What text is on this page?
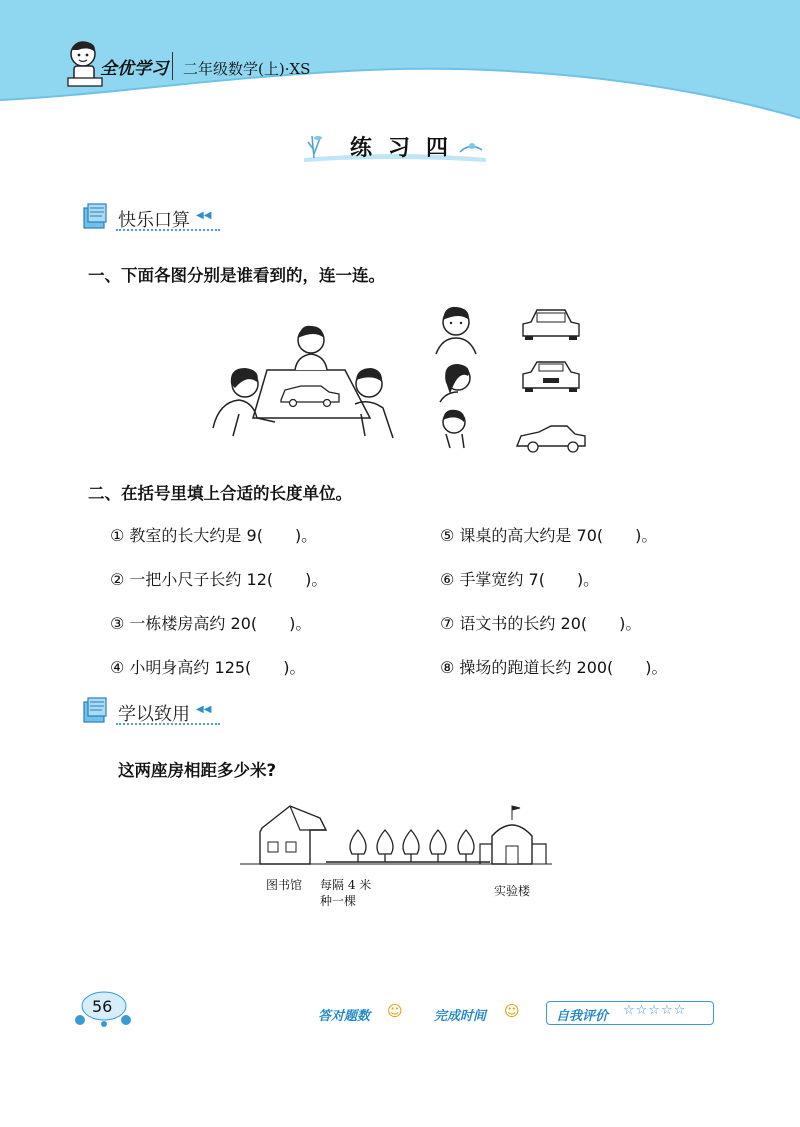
全优学习 二年级数学(上)·XS
练习四
快乐口算 ◀◀
一、下面各图分别是谁看到的，连一连。
二、在括号里填上合适的长度单位。
① 教室的长大约是 9(　　)。
② 一把小尺子长约 12(　　)。
③ 一栋楼房高约 20(　　)。
④ 小明身高约 125(　　)。
⑤ 课桌的高大约是 70(　　)。
⑥ 手掌宽约 7(　　)。
⑦ 语文书的长约 20(　　)。
⑧ 操场的跑道长约 200(　　)。
学以致用 ◀◀
这两座房相距多少米?
图书馆 每隔 4 米
种一棵
实验楼
56
答对题数 ☺ 完成时间 ☺	自我评价 ☆☆☆☆☆
